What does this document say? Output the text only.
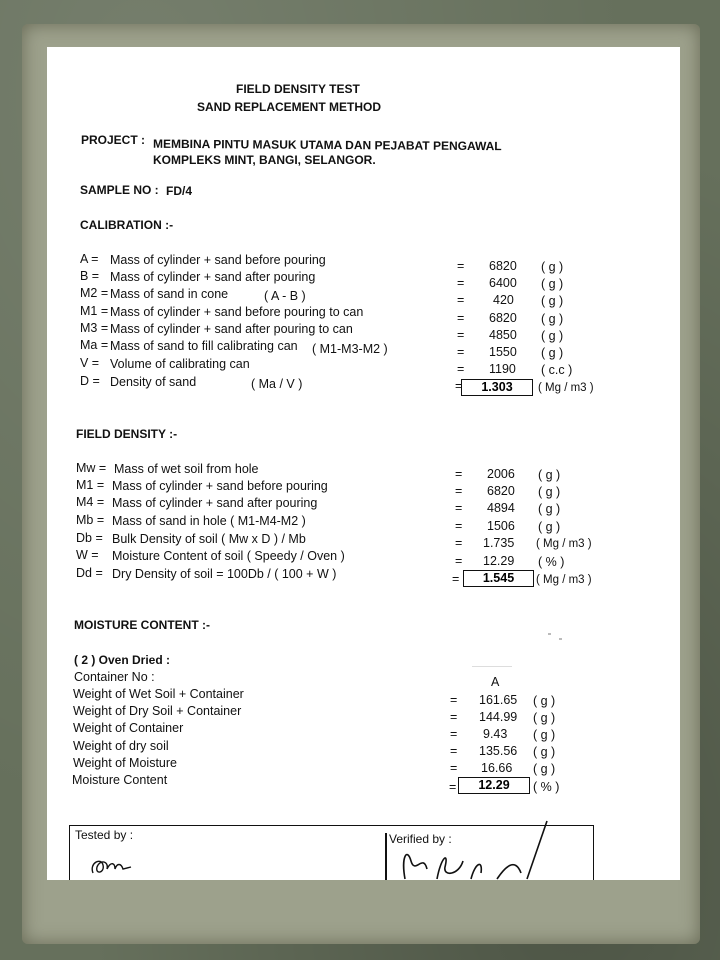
FIELD DENSITY TEST
SAND REPLACEMENT METHOD
PROJECT : MEMBINA PINTU MASUK UTAMA DAN PEJABAT PENGAWAL
KOMPLEKS MINT, BANGI, SELANGOR.
SAMPLE NO : FD/4
CALIBRATION :-
A = Mass of cylinder + sand before pouring	= 6820 ( g )
B = Mass of cylinder + sand after pouring	= 6400 ( g )
M2 = Mass of sand in cone	( A - B )	= 420 ( g )
M1 = Mass of cylinder + sand before pouring to can	= 6820 ( g )
M3 = Mass of cylinder + sand after pouring to can	= 4850 ( g )
Ma = Mass of sand to fill calibrating can ( M1-M3-M2 )	= 1550 ( g )
V = Volume of calibrating can	= 1190 ( c.c )
D = Density of sand	( Ma / V )	=	1.303	( Mg / m3 )
FIELD DENSITY :-
Mw = Mass of wet soil from hole	= 2006 ( g )
M1 = Mass of cylinder + sand before pouring	= 6820 ( g )
M4 = Mass of cylinder + sand after pouring	= 4894 ( g )
Mb = Mass of sand in hole ( M1-M4-M2 )	= 1506 ( g )
Db = Bulk Density of soil ( Mw x D ) / Mb	= 1.735 ( Mg / m3 )
W = Moisture Content of soil ( Speedy / Oven )	= 12.29 ( % )
Dd = Dry Density of soil = 100Db / ( 100 + W )	=	1.545	( Mg / m3 )
MOISTURE CONTENT :-
( 2 ) Oven Dried :
Container No :	A
Weight of Wet Soil + Container	= 161.65 ( g )
Weight of Dry Soil + Container	= 144.99 ( g )
Weight of Container	= 9.43 ( g )
Weight of dry soil	= 135.56 ( g )
Weight of Moisture	= 16.66 ( g )
Moisture Content	=	12.29	( % )
Tested by :	Verified by :
